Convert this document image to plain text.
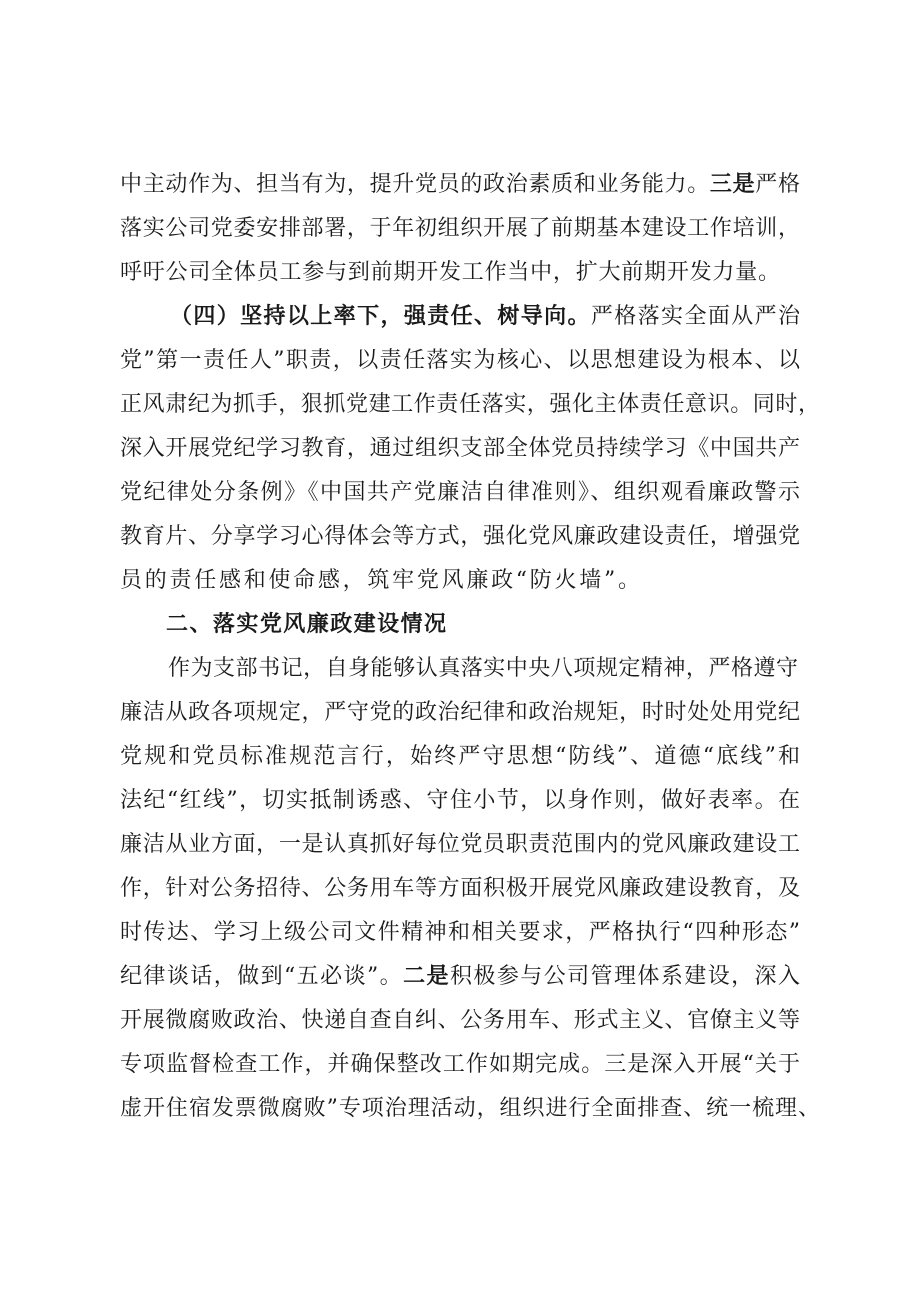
中主动作为、担当有为，提升党员的政治素质和业务能力。 三是 严格
落实公司党委安排部署，于年初组织开展了前期基本建设工作培训，
呼吁公司全体员工参与到前期开发工作当中，扩大前期开发力量。
（四）坚持以上率下，强责任、树导向。 严格落实全面从严治
党”第一责任人”职责，以责任落实为核心、以思想建设为根本、以
正风肃纪为抓手，狠抓党建工作责任落实，强化主体责任意识。同时，
深入开展党纪学习教育，通过组织支部全体党员持续学习《中国共产
党纪律处分条例》《中国共产党廉洁自律准则》、组织观看廉政警示
教育片、分享学习心得体会等方式，强化党风廉政建设责任，增强党
员的责任感和使命感，筑牢党风廉政“防火墙”。
二、落实党风廉政建设情况
作为支部书记，自身能够认真落实中央八项规定精神，严格遵守
廉洁从政各项规定，严守党的政治纪律和政治规矩，时时处处用党纪
党规和党员标准规范言行，始终严守思想“防线”、道德“底线”和
法纪“红线”，切实抵制诱惑、守住小节，以身作则，做好表率。在
廉洁从业方面，一是认真抓好每位党员职责范围内的党风廉政建设工
作，针对公务招待、公务用车等方面积极开展党风廉政建设教育，及
时传达、学习上级公司文件精神和相关要求，严格执行“四种形态”
纪律谈话，做到“五必谈”。 二是 积极参与公司管理体系建设，深入
开展微腐败政治、快递自查自纠、公务用车、形式主义、官僚主义等
专项监督检查工作，并确保整改工作如期完成。三是深入开展“关于
虚开住宿发票微腐败”专项治理活动，组织进行全面排查、统一梳理、
